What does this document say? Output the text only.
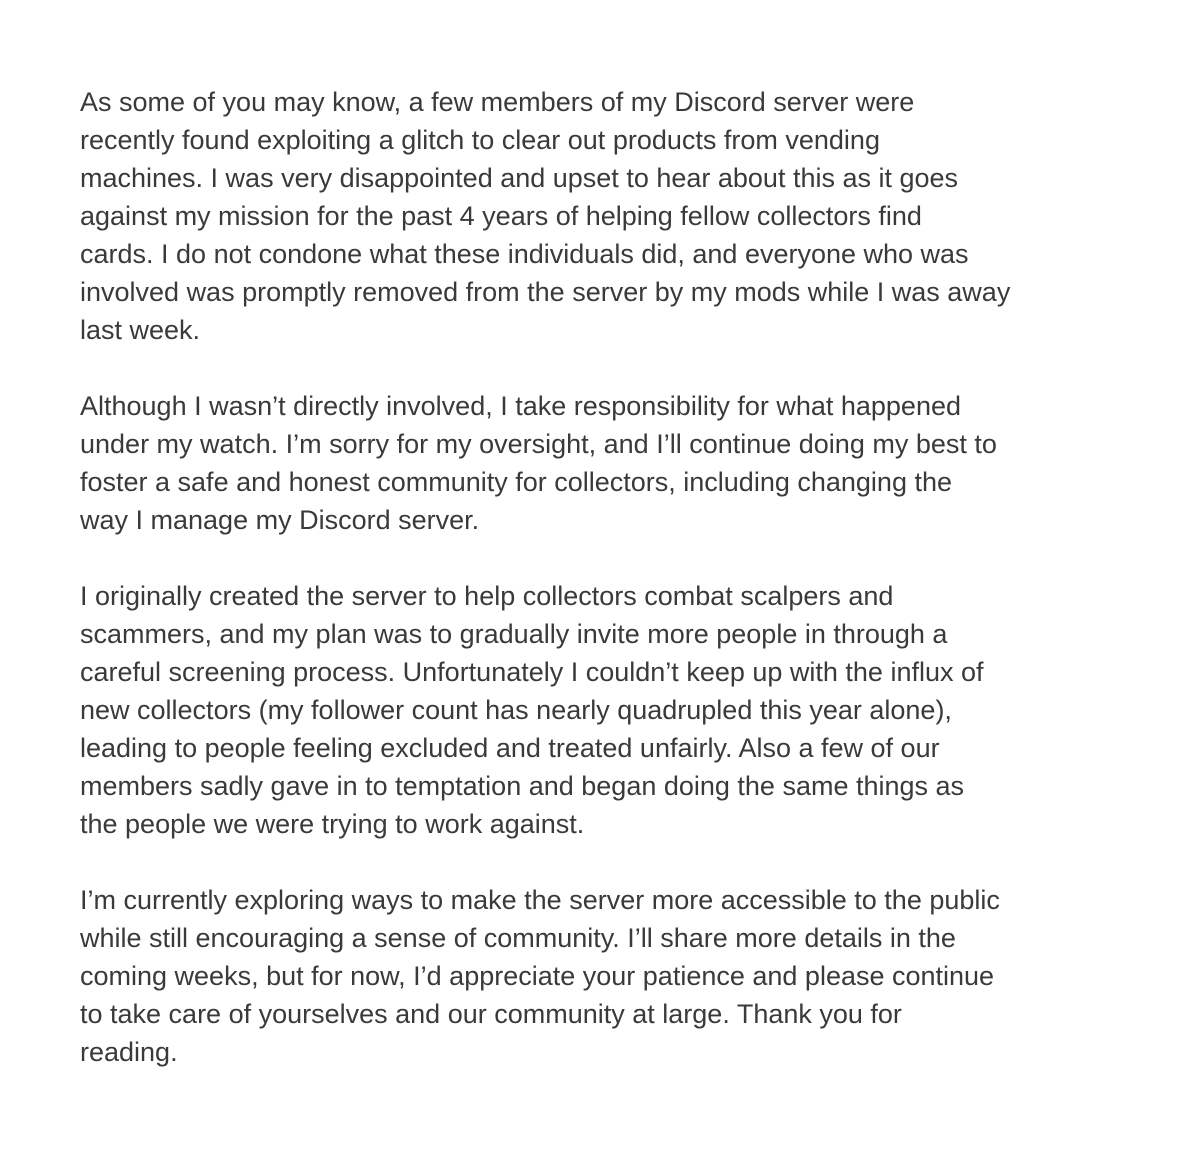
As some of you may know, a few members of my Discord server were
recently found exploiting a glitch to clear out products from vending
machines. I was very disappointed and upset to hear about this as it goes
against my mission for the past 4 years of helping fellow collectors find
cards. I do not condone what these individuals did, and everyone who was
involved was promptly removed from the server by my mods while I was away
last week.

Although I wasn’t directly involved, I take responsibility for what happened
under my watch. I’m sorry for my oversight, and I’ll continue doing my best to
foster a safe and honest community for collectors, including changing the
way I manage my Discord server.

I originally created the server to help collectors combat scalpers and
scammers, and my plan was to gradually invite more people in through a
careful screening process. Unfortunately I couldn’t keep up with the influx of
new collectors (my follower count has nearly quadrupled this year alone),
leading to people feeling excluded and treated unfairly. Also a few of our
members sadly gave in to temptation and began doing the same things as
the people we were trying to work against.

I’m currently exploring ways to make the server more accessible to the public
while still encouraging a sense of community. I’ll share more details in the
coming weeks, but for now, I’d appreciate your patience and please continue
to take care of yourselves and our community at large. Thank you for
reading.
